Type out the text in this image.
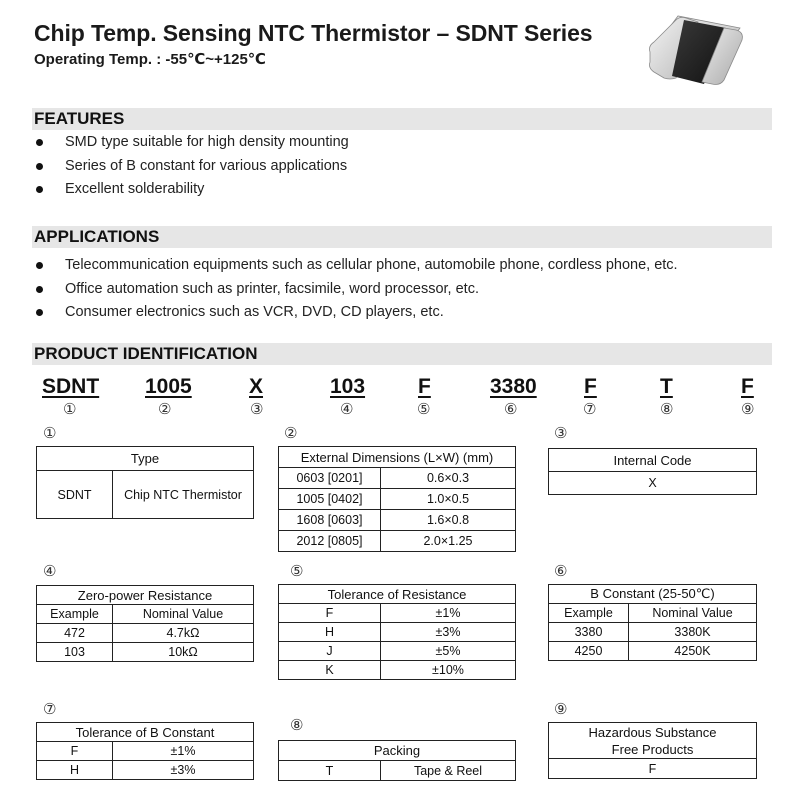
Chip Temp. Sensing NTC Thermistor – SDNT Series
Operating Temp. : -55℃~+125℃
FEATURES
SMD type suitable for high density mounting
Series of B constant for various applications
Excellent solderability
APPLICATIONS
Telecommunication equipments such as cellular phone, automobile phone, cordless phone, etc.
Office automation such as printer, facsimile, word processor, etc.
Consumer electronics such as VCR, DVD, CD players, etc.
PRODUCT IDENTIFICATION
SDNT 1005	X	103	F	3380 F	T	F
①	②	③	④	⑤	⑥	⑦	⑧	⑨
①
Type
SDNT	Chip NTC Thermistor
②
External Dimensions (L×W) (mm)	
0603 [0201]	0.6×0.3
1005 [0402]	1.0×0.5
1608 [0603]	1.6×0.8
2012 [0805]	2.0×1.25
③
Internal Code
X
④
Zero-power Resistance	
Example	Nominal Value
472	4.7kΩ
103	10kΩ
⑤
Tolerance of Resistance	
F	±1%
H	±3%
J	±5%
K	±10%
⑥
B Constant (25-50℃)	
Example	Nominal Value
3380	3380K
4250	4250K
⑦
Tolerance of B Constant	
F	±1%
H	±3%
⑧
Packing
T	Tape & Reel
⑨
Hazardous Substance
Free Products
F
